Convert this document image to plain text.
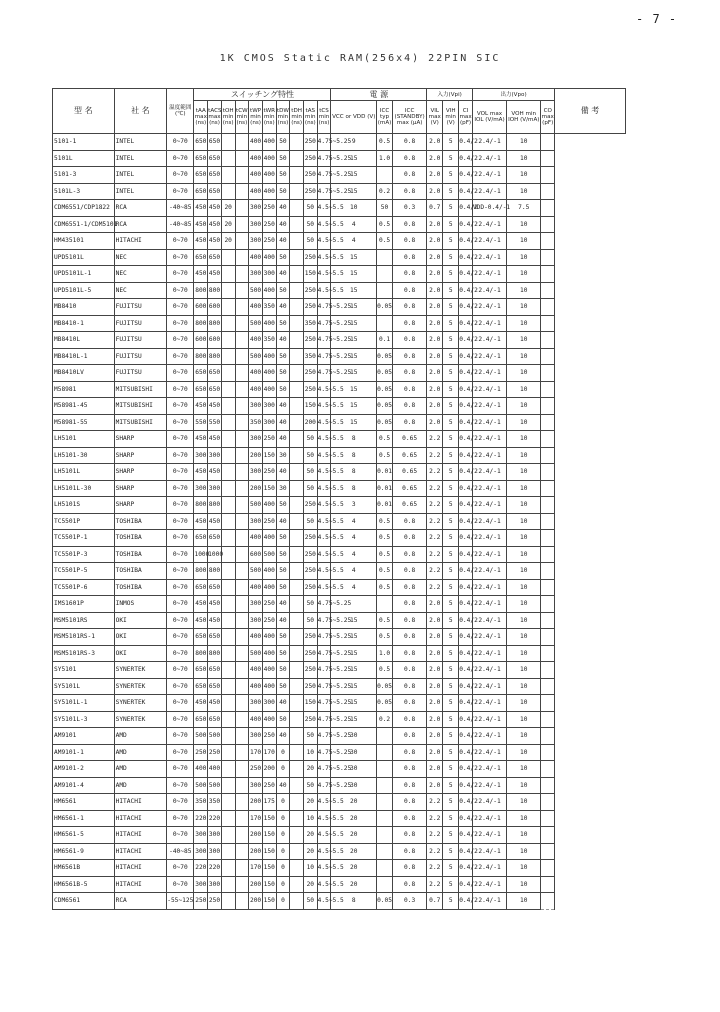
- 7 -
1K CMOS Static RAM(256x4) 22PIN SIC
型 名	社 名	温度範囲
(℃)	スイッチング特性										電 源			入力(Vpi)			出力(Vpo)			備 考
			tAA max (ns)	tACS max (ns)	tOH min (ns)	tCW min (ns)	tWP min (ns)	tWR min (ns)	tDW min (ns)	tDH min (ns)	tAS min (ns)	tCS min (ns)	VCC or VDD (V)	ICC typ (mA)	ICC (STANDBY) max (μA)	VIL max (V)	VIH min (V)	CI max (pF)	VOL max IOL (V/mA)	VOH min IOH (V/mA)	CO max (pF)	
5101-1	INTEL	0~70	650	650			400	400	50		250	4.75~5.25	9	0.5	0.8	2.0	5	0.4/2	2.4/-1	10		
5101L	INTEL	0~70	650	650			400	400	50		250	4.75~5.25	15	1.0	0.8	2.0	5	0.4/2	2.4/-1	10		
5101-3	INTEL	0~70	650	650			400	400	50		250	4.75~5.25	15		0.8	2.0	5	0.4/2	2.4/-1	10		
5101L-3	INTEL	0~70	650	650			400	400	50		250	4.75~5.25	15	0.2	0.8	2.0	5	0.4/2	2.4/-1	10		
CDM6551/CDP1822	RCA	-40~85	450	450	20		300	250	40		50	4.5~5.5	10	50	0.3	0.7	5	0.4/2	VDD-0.4/-1	7.5		
CDM6551-1/CDM5101	RCA	-40~85	450	450	20		300	250	40		50	4.5~5.5	4	0.5	0.8	2.0	5	0.4/2	2.4/-1	10		
HM435101	HITACHI	0~70	450	450	20		300	250	40		50	4.5~5.5	4	0.5	0.8	2.0	5	0.4/2	2.4/-1	10		
UPD5101L	NEC	0~70	650	650			400	400	50		250	4.5~5.5	15		0.8	2.0	5	0.4/2	2.4/-1	10		
UPD5101L-1	NEC	0~70	450	450			300	300	40		150	4.5~5.5	15		0.8	2.0	5	0.4/2	2.4/-1	10		
UPD5101L-5	NEC	0~70	800	800			500	400	50		250	4.5~5.5	15		0.8	2.0	5	0.4/2	2.4/-1	10		
MB8410	FUJITSU	0~70	600	600			400	350	40		250	4.75~5.25	15	0.05	0.8	2.0	5	0.4/2	2.4/-1	10		
MB8410-1	FUJITSU	0~70	800	800			500	400	50		350	4.75~5.25	15		0.8	2.0	5	0.4/2	2.4/-1	10		
MB8410L	FUJITSU	0~70	600	600			400	350	40		250	4.75~5.25	15	0.1	0.8	2.0	5	0.4/2	2.4/-1	10		
MB8410L-1	FUJITSU	0~70	800	800			500	400	50		350	4.75~5.25	15	0.05	0.8	2.0	5	0.4/2	2.4/-1	10		
MB8410LV	FUJITSU	0~70	650	650			400	400	50		250	4.75~5.25	15	0.05	0.8	2.0	5	0.4/2	2.4/-1	10		
M58981	MITSUBISHI	0~70	650	650			400	400	50		250	4.5~5.5	15	0.05	0.8	2.0	5	0.4/2	2.4/-1	10		
M58981-45	MITSUBISHI	0~70	450	450			300	300	40		150	4.5~5.5	15	0.05	0.8	2.0	5	0.4/2	2.4/-1	10		
M58981-55	MITSUBISHI	0~70	550	550			350	300	40		200	4.5~5.5	15	0.05	0.8	2.0	5	0.4/2	2.4/-1	10		
LH5101	SHARP	0~70	450	450			300	250	40		50	4.5~5.5	8	0.5	0.65	2.2	5	0.4/2	2.4/-1	10		
LH5101-30	SHARP	0~70	300	300			200	150	30		50	4.5~5.5	8	0.5	0.65	2.2	5	0.4/2	2.4/-1	10		
LH5101L	SHARP	0~70	450	450			300	250	40		50	4.5~5.5	8	0.01	0.65	2.2	5	0.4/2	2.4/-1	10		
LH5101L-30	SHARP	0~70	300	300			200	150	30		50	4.5~5.5	8	0.01	0.65	2.2	5	0.4/2	2.4/-1	10		
LH5101S	SHARP	0~70	800	800			500	400	50		250	4.5~5.5	3	0.01	0.65	2.2	5	0.4/2	2.4/-1	10		
TC5501P	TOSHIBA	0~70	450	450			300	250	40		50	4.5~5.5	4	0.5	0.8	2.2	5	0.4/2	2.4/-1	10		
TC5501P-1	TOSHIBA	0~70	650	650			400	400	50		250	4.5~5.5	4	0.5	0.8	2.2	5	0.4/2	2.4/-1	10		
TC5501P-3	TOSHIBA	0~70	1000	1000			600	500	50		250	4.5~5.5	4	0.5	0.8	2.2	5	0.4/2	2.4/-1	10		
TC5501P-5	TOSHIBA	0~70	800	800			500	400	50		250	4.5~5.5	4	0.5	0.8	2.2	5	0.4/2	2.4/-1	10		
TC5501P-6	TOSHIBA	0~70	650	650			400	400	50		250	4.5~5.5	4	0.5	0.8	2.2	5	0.4/2	2.4/-1	10		
IMS1601P	INMOS	0~70	450	450			300	250	40		50	4.75~5.25			0.8	2.0	5	0.4/2	2.4/-1	10		
MSM5101RS	OKI	0~70	450	450			300	250	40		50	4.75~5.25	15	0.5	0.8	2.0	5	0.4/2	2.4/-1	10		
MSM5101RS-1	OKI	0~70	650	650			400	400	50		250	4.75~5.25	15	0.5	0.8	2.0	5	0.4/2	2.4/-1	10		
MSM5101RS-3	OKI	0~70	800	800			500	400	50		250	4.75~5.25	15	1.0	0.8	2.0	5	0.4/2	2.4/-1	10		
SY5101	SYNERTEK	0~70	650	650			400	400	50		250	4.75~5.25	15	0.5	0.8	2.0	5	0.4/2	2.4/-1	10		
SY5101L	SYNERTEK	0~70	650	650			400	400	50		250	4.75~5.25	15	0.05	0.8	2.0	5	0.4/2	2.4/-1	10		
SY5101L-1	SYNERTEK	0~70	450	450			300	300	40		150	4.75~5.25	15	0.05	0.8	2.0	5	0.4/2	2.4/-1	10		
SY5101L-3	SYNERTEK	0~70	650	650			400	400	50		250	4.75~5.25	15	0.2	0.8	2.0	5	0.4/2	2.4/-1	10		
AM9101	AMD	0~70	500	500			300	250	40		50	4.75~5.25	30		0.8	2.0	5	0.4/2	2.4/-1	10		
AM9101-1	AMD	0~70	250	250			170	170	0		10	4.75~5.25	30		0.8	2.0	5	0.4/2	2.4/-1	10		
AM9101-2	AMD	0~70	400	400			250	200	0		20	4.75~5.25	30		0.8	2.0	5	0.4/2	2.4/-1	10		
AM9101-4	AMD	0~70	500	500			300	250	40		50	4.75~5.25	30		0.8	2.0	5	0.4/2	2.4/-1	10		
HM6561	HITACHI	0~70	350	350			200	175	0		20	4.5~5.5	20		0.8	2.2	5	0.4/2	2.4/-1	10		
HM6561-1	HITACHI	0~70	220	220			170	150	0		10	4.5~5.5	20		0.8	2.2	5	0.4/2	2.4/-1	10		
HM6561-5	HITACHI	0~70	300	300			200	150	0		20	4.5~5.5	20		0.8	2.2	5	0.4/2	2.4/-1	10		
HM6561-9	HITACHI	-40~85	300	300			200	150	0		20	4.5~5.5	20		0.8	2.2	5	0.4/2	2.4/-1	10		
HM6561B	HITACHI	0~70	220	220			170	150	0		10	4.5~5.5	20		0.8	2.2	5	0.4/2	2.4/-1	10		
HM6561B-5	HITACHI	0~70	300	300			200	150	0		20	4.5~5.5	20		0.8	2.2	5	0.4/2	2.4/-1	10		
CDM6561	RCA	-55~125	250	250			200	150	0		50	4.5~5.5	8	0.05	0.3	0.7	5	0.4/2	2.4/-1	10		
